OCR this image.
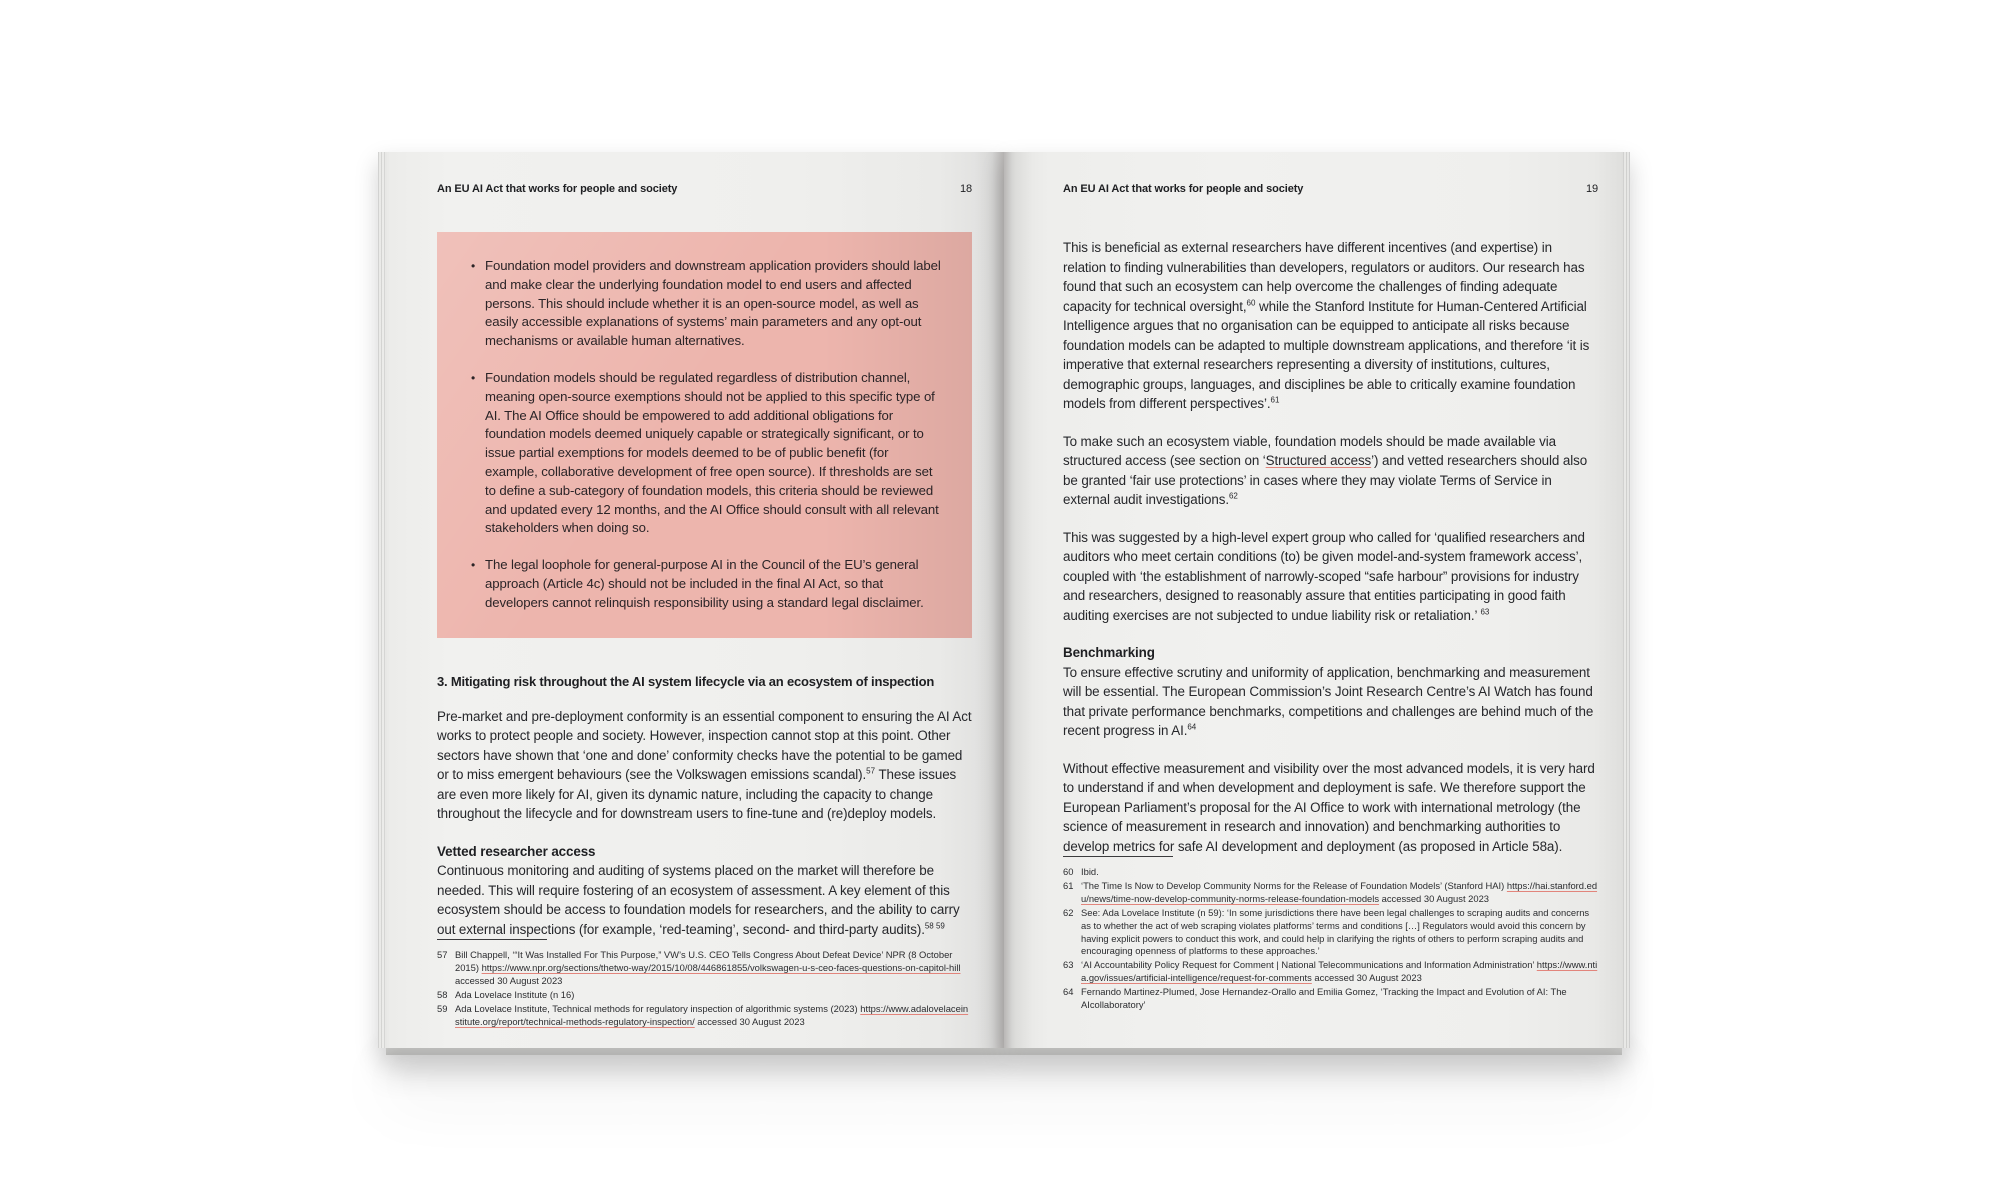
An EU AI Act that works for people and society	18
• Foundation model providers and downstream application providers should label and make clear the underlying foundation model to end users and affected persons. This should include whether it is an open-source model, as well as easily accessible explanations of systems’ main parameters and any opt-out mechanisms or available human alternatives.
• Foundation models should be regulated regardless of distribution channel, meaning open-source exemptions should not be applied to this specific type of AI. The AI Office should be empowered to add additional obligations for foundation models deemed uniquely capable or strategically significant, or to issue partial exemptions for models deemed to be of public benefit (for example, collaborative development of free open source). If thresholds are set to define a sub-category of foundation models, this criteria should be reviewed and updated every 12 months, and the AI Office should consult with all relevant stakeholders when doing so.
• The legal loophole for general-purpose AI in the Council of the EU’s general approach (Article 4c) should not be included in the final AI Act, so that developers cannot relinquish responsibility using a standard legal disclaimer.
3. Mitigating risk throughout the AI system lifecycle via an ecosystem of inspection

Pre-market and pre-deployment conformity is an essential component to ensuring the AI Act works to protect people and society. However, inspection cannot stop at this point. Other sectors have shown that ‘one and done’ conformity checks have the potential to be gamed or to miss emergent behaviours (see the Volkswagen emissions scandal).$^{57}$ These issues are even more likely for AI, given its dynamic nature, including the capacity to change throughout the lifecycle and for downstream users to fine-tune and (re)deploy models.

Vetted researcher access

Continuous monitoring and auditing of systems placed on the market will therefore be needed. This will require fostering of an ecosystem of assessment. A key element of this ecosystem should be access to foundation models for researchers, and the ability to carry out external inspections (for example, ‘red-teaming’, second- and third-party audits).$^{58 59}$

57 Bill Chappell, ‘“It Was Installed For This Purpose,” VW’s U.S. CEO Tells Congress About Defeat Device’ NPR (8 October 2015) https://www.npr.org/sections/thetwo-way/2015/10/08/446861855/volkswagen-u-s-ceo-faces-questions-on-capitol-hill accessed 30 August 2023
58 Ada Lovelace Institute (n 16)
59 Ada Lovelace Institute, Technical methods for regulatory inspection of algorithmic systems (2023) https://www.adalovelaceinstitute.org/report/technical-methods-regulatory-inspection/ accessed 30 August 2023
An EU AI Act that works for people and society	19

This is beneficial as external researchers have different incentives (and expertise) in relation to finding vulnerabilities than developers, regulators or auditors. Our research has found that such an ecosystem can help overcome the challenges of finding adequate capacity for technical oversight,$^{60}$ while the Stanford Institute for Human-Centered Artificial Intelligence argues that no organisation can be equipped to anticipate all risks because foundation models can be adapted to multiple downstream applications, and therefore ‘it is imperative that external researchers representing a diversity of institutions, cultures, demographic groups, languages, and disciplines be able to critically examine foundation models from different perspectives’.$^{61}$

To make such an ecosystem viable, foundation models should be made available via structured access (see section on ‘Structured access’) and vetted researchers should also be granted ‘fair use protections’ in cases where they may violate Terms of Service in external audit investigations.$^{62}$

This was suggested by a high-level expert group who called for ‘qualified researchers and auditors who meet certain conditions (to) be given model-and-system framework access’, coupled with ‘the establishment of narrowly-scoped “safe harbour” provisions for industry and researchers, designed to reasonably assure that entities participating in good faith auditing exercises are not subjected to undue liability risk or retaliation.’ $^{63}$

Benchmarking

To ensure effective scrutiny and uniformity of application, benchmarking and measurement will be essential. The European Commission’s Joint Research Centre’s AI Watch has found that private performance benchmarks, competitions and challenges are behind much of the recent progress in AI.$^{64}$

Without effective measurement and visibility over the most advanced models, it is very hard to understand if and when development and deployment is safe. We therefore support the European Parliament’s proposal for the AI Office to work with international metrology (the science of measurement in research and innovation) and benchmarking authorities to develop metrics for safe AI development and deployment (as proposed in Article 58a).

60 Ibid.
61 ‘The Time Is Now to Develop Community Norms for the Release of Foundation Models’ (Stanford HAI) https://hai.stanford.edu/news/time-now-develop-community-norms-release-foundation-models accessed 30 August 2023
62 See: Ada Lovelace Institute (n 59): ‘In some jurisdictions there have been legal challenges to scraping audits and concerns as to whether the act of web scraping violates platforms’ terms and conditions […] Regulators would avoid this concern by having explicit powers to conduct this work, and could help in clarifying the rights of others to perform scraping audits and encouraging openness of platforms to these approaches.’
63 ‘AI Accountability Policy Request for Comment | National Telecommunications and Information Administration’ https://www.ntia.gov/issues/artificial-intelligence/request-for-comments accessed 30 August 2023
64 Fernando Martinez-Plumed, Jose Hernandez-Orallo and Emilia Gomez, ‘Tracking the Impact and Evolution of AI: The AIcollaboratory’
